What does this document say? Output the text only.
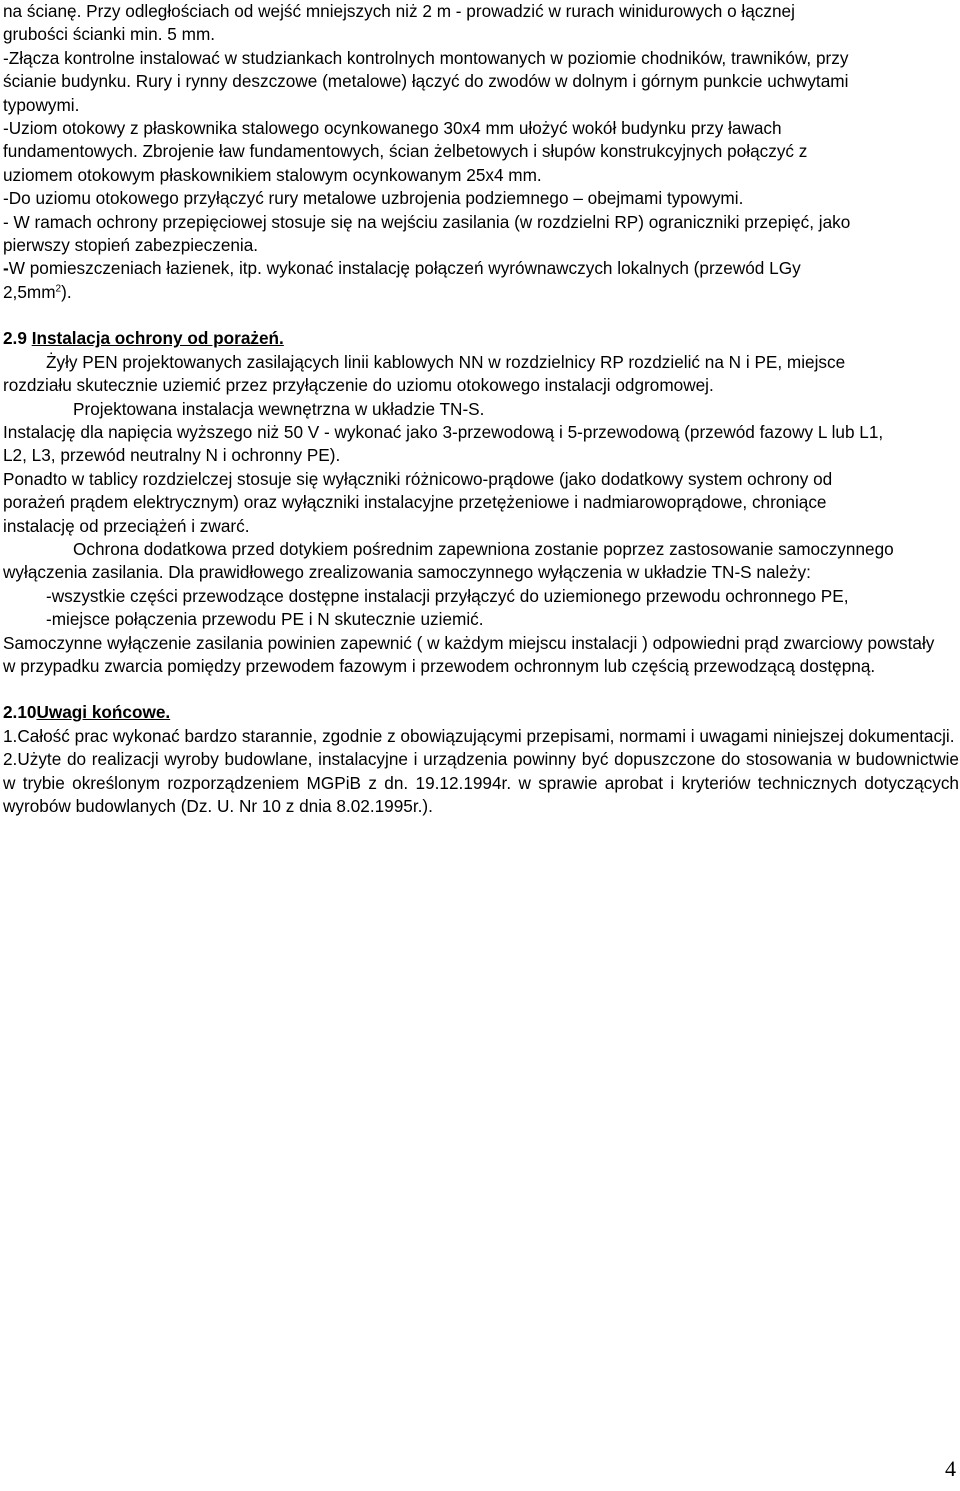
na ścianę. Przy odległościach od wejść mniejszych niż 2 m - prowadzić w rurach winidurowych o łącznej grubości ścianki min. 5 mm.

-Złącza kontrolne instalować w studziankach kontrolnych montowanych w poziomie chodników, trawników, przy ścianie budynku. Rury i rynny deszczowe (metalowe) łączyć do zwodów w dolnym i górnym punkcie uchwytami typowymi.

-Uziom otokowy z płaskownika stalowego ocynkowanego 30x4 mm ułożyć wokół budynku przy ławach fundamentowych. Zbrojenie ław fundamentowych, ścian żelbetowych i słupów konstrukcyjnych połączyć z uziomem otokowym płaskownikiem stalowym ocynkowanym 25x4 mm.

-Do uziomu otokowego przyłączyć rury metalowe uzbrojenia podziemnego – obejmami typowymi.

- W ramach ochrony przepięciowej stosuje się na wejściu zasilania (w rozdzielni RP) ograniczniki przepięć, jako pierwszy stopień zabezpieczenia.

-W pomieszczeniach łazienek, itp. wykonać instalację połączeń wyrównawczych lokalnych (przewód LGy $2,5mm^2$).

2.9 Instalacja ochrony od porażeń.

Żyły PEN projektowanych zasilających linii kablowych NN w rozdzielnicy RP rozdzielić na N i PE, miejsce rozdziału skutecznie uziemić przez przyłączenie do uziomu otokowego instalacji odgromowej.

Projektowana instalacja wewnętrzna w układzie TN-S.

Instalację dla napięcia wyższego niż 50 V - wykonać jako 3-przewodową i 5-przewodową (przewód fazowy L lub L1, L2, L3, przewód neutralny N i ochronny PE).

Ponadto w tablicy rozdzielczej stosuje się wyłączniki różnicowo-prądowe (jako dodatkowy system ochrony od porażeń prądem elektrycznym) oraz wyłączniki instalacyjne przetężeniowe i nadmiarowoprądowe, chroniące instalację od przeciążeń i zwarć.

Ochrona dodatkowa przed dotykiem pośrednim zapewniona zostanie poprzez zastosowanie samoczynnego wyłączenia zasilania. Dla prawidłowego zrealizowania samoczynnego wyłączenia w układzie TN-S należy:

-wszystkie części przewodzące dostępne instalacji przyłączyć do uziemionego przewodu ochronnego PE,

-miejsce połączenia przewodu PE i N skutecznie uziemić.

Samoczynne wyłączenie zasilania powinien zapewnić ( w każdym miejscu instalacji ) odpowiedni prąd zwarciowy powstały w przypadku zwarcia pomiędzy przewodem fazowym i przewodem ochronnym lub częścią przewodzącą dostępną.

2.10Uwagi końcowe.

1.Całość prac wykonać bardzo starannie, zgodnie z obowiązującymi przepisami, normami i uwagami niniejszej dokumentacji.

2.Użyte do realizacji wyroby budowlane, instalacyjne i urządzenia powinny być dopuszczone do stosowania w budownictwie w trybie określonym rozporządzeniem MGPiB z dn. 19.12.1994r. w sprawie aprobat i kryteriów technicznych dotyczących wyrobów budowlanych (Dz. U. Nr 10 z dnia 8.02.1995r.).

4
